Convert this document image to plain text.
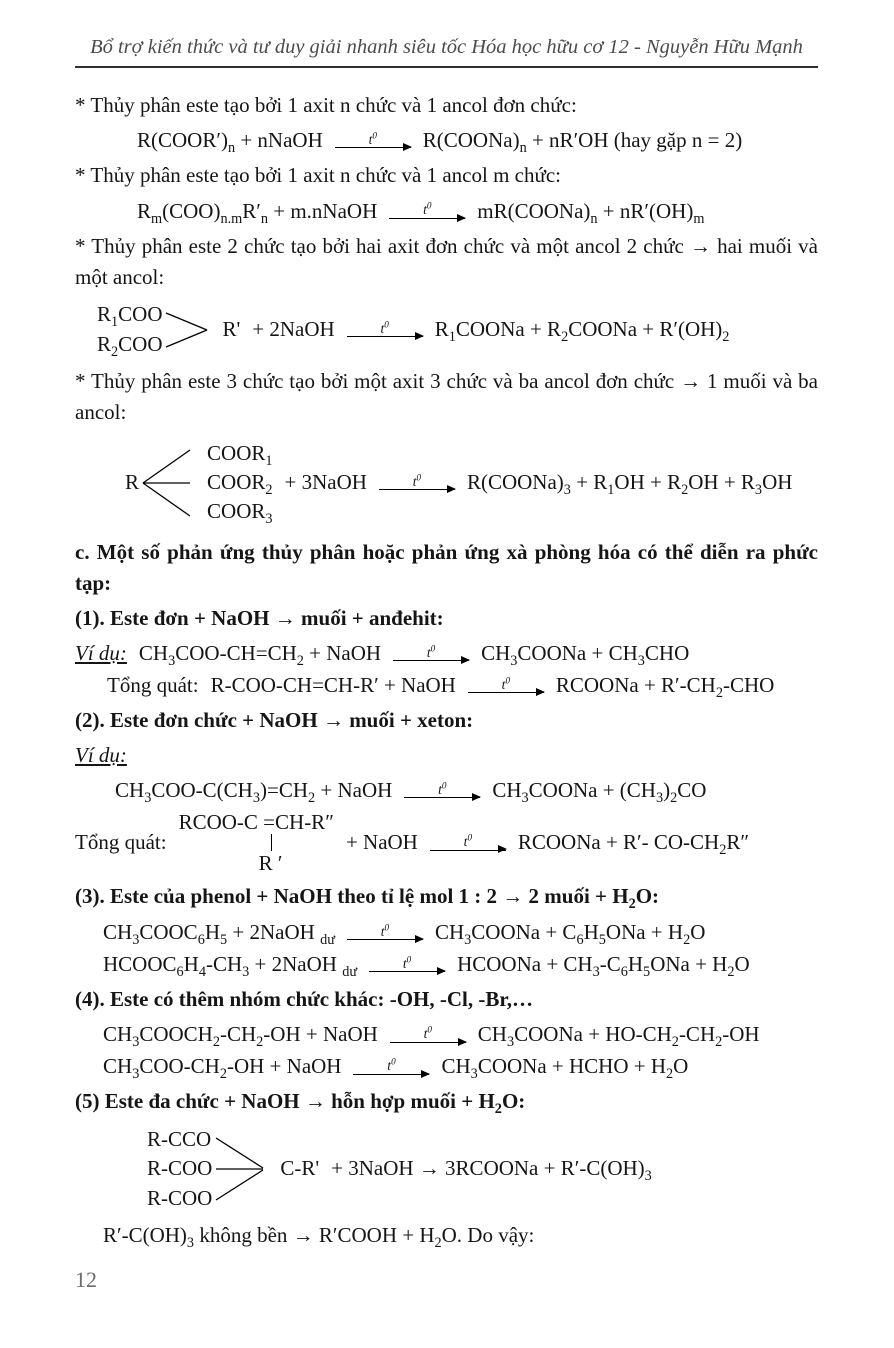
Bổ trợ kiến thức và tư duy giải nhanh siêu tốc Hóa học hữu cơ 12 - Nguyễn Hữu Mạnh

* Thủy phân este tạo bởi 1 axit n chức và 1 ancol đơn chức:

$R(COOR')_n$ + nNaOH	$t^0$ $R(COONa)_n + nR'OH$ (hay gặp n = 2)

* Thủy phân este tạo bởi 1 axit n chức và 1 ancol m chức:

$R_m(COO)_{n.m}R'_n$ + m.nNaOH	$t^0$ $mR(COONa)_n + nR'(OH)_m$

* Thủy phân este 2 chức tạo bởi hai axit đơn chức và một ancol 2 chức → hai muối và một ancol:

$R_1COO$
$R_2COO$
R' + 2NaOH	$t^0$ $R_1COONa$ + $R_2COONa + R'(OH)_2$

* Thủy phân este 3 chức tạo bởi một axit 3 chức và ba ancol đơn chức → 1 muối và ba ancol:

R
$COOR_1$
$COOR_2$
$COOR_3$
+ 3NaOH	$t^0$ $R(COONa)_3 + R_1OH + R_2OH + R_3OH$

c. Một số phản ứng thủy phân hoặc phản ứng xà phòng hóa có thể diễn ra phức tạp:

(1). Este đơn + NaOH → muối + anđehit:

Ví dụ: $CH_3COO-CH=CH_2$ + NaOH	$t^0$ $CH_3COONa + CH_3CHO$
Tổng quát: R-COO-CH=CH-R′ + NaOH	$t^0$ RCOONa + $R'-CH_2$-CHO

(2). Este đơn chức + NaOH → muối + xeton:

Ví dụ:

$CH_3COO-C(CH_3)=CH_2$ + NaOH	$t^0$ $CH_3COONa + (CH_3)_2CO$
Tổng quát:
RCOO-C =CH-R″
R ′
+ NaOH	$t^0$ RCOONa + R′- $CO-CH_2R''$

(3). Este của phenol + NaOH theo tỉ lệ mol 1 : 2 → 2 muối + $H_2O$:

$CH_3COOC_6H_5$ + 2NaOH $_{dư}$
$t^0$ $CH_3COONa + C_6H_5ONa + H_2O$
$HCOOC_6H_4-CH_3$ + 2NaOH $_{dư}$
$t^0$ HCOONa + $CH_3-C_6H_5ONa + H_2O$

(4). Este có thêm nhóm chức khác: -OH, -Cl, -Br,…

$CH_3COOCH_2-CH_2-OH$ + NaOH	$t^0$ $CH_3COONa + HO-CH_2-CH_2-OH$
$CH_3COO-CH_2-OH$ + NaOH	$t^0$ $CH_3COONa$ + HCHO + $H_2O$

(5) Este đa chức + NaOH → hỗn hợp muối + $H_2O$:

R-CCO
R-COO
R-COO
C-R' + 3NaOH → 3RCOONa + $R'-C(OH)_3$

$R'-C(OH)_3$ không bền → R′COOH + $H_2O$. Do vậy:

12
